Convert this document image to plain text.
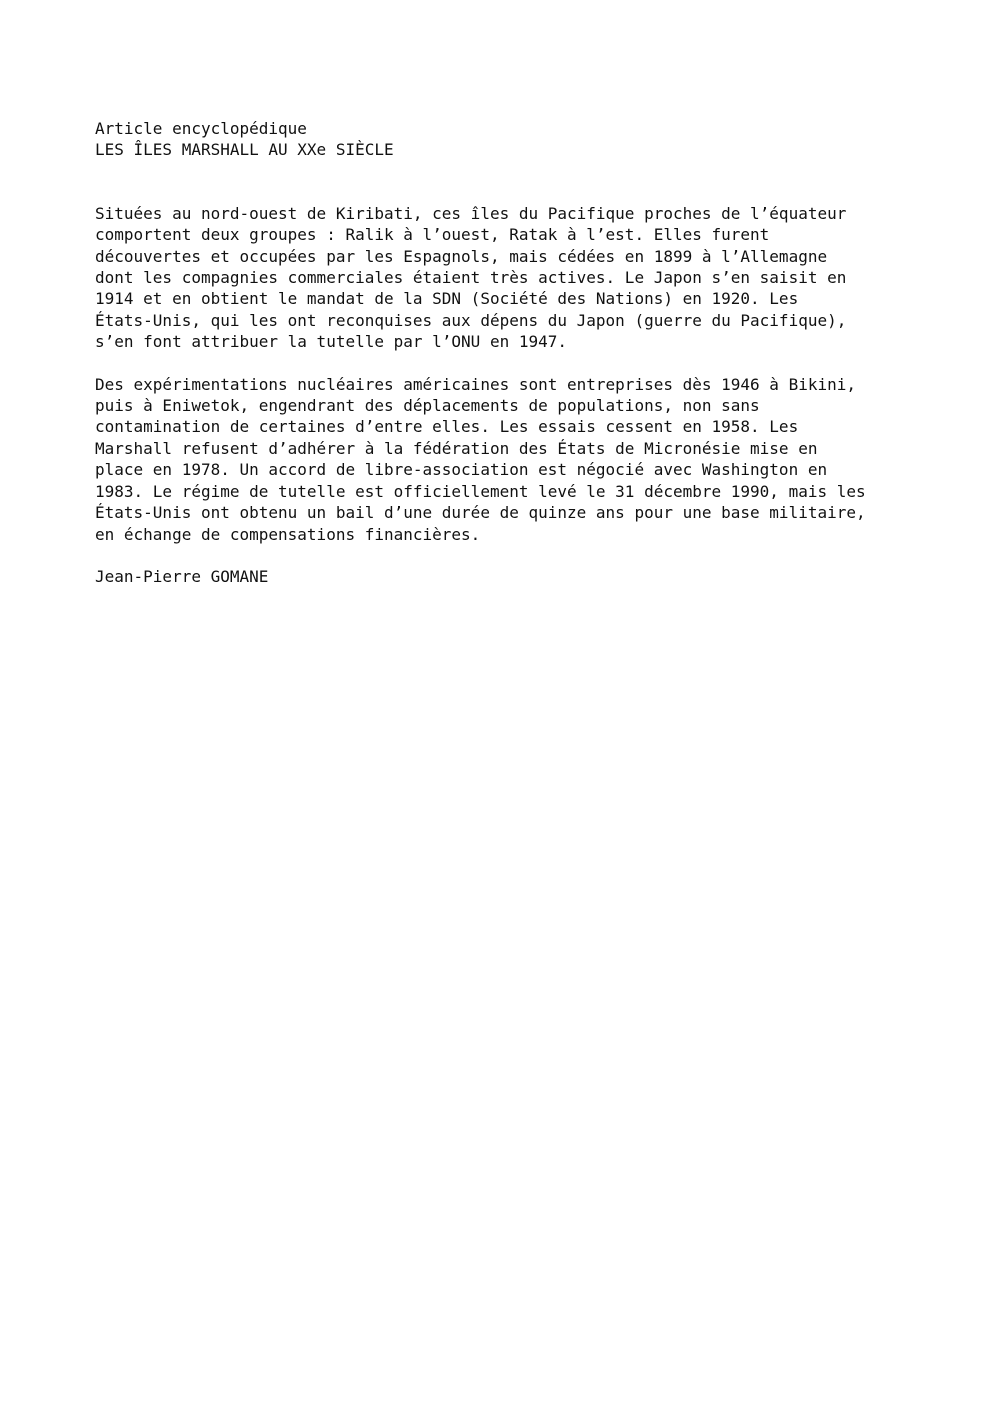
Article encyclopédique
LES ÎLES MARSHALL AU XXe SIÈCLE
Situées au nord-ouest de Kiribati, ces îles du Pacifique proches de l’équateur
comportent deux groupes : Ralik à l’ouest, Ratak à l’est. Elles furent
découvertes et occupées par les Espagnols, mais cédées en 1899 à l’Allemagne
dont les compagnies commerciales étaient très actives. Le Japon s’en saisit en
1914 et en obtient le mandat de la SDN (Société des Nations) en 1920. Les
États-Unis, qui les ont reconquises aux dépens du Japon (guerre du Pacifique),
s’en font attribuer la tutelle par l’ONU en 1947.
Des expérimentations nucléaires américaines sont entreprises dès 1946 à Bikini,
puis à Eniwetok, engendrant des déplacements de populations, non sans
contamination de certaines d’entre elles. Les essais cessent en 1958. Les
Marshall refusent d’adhérer à la fédération des États de Micronésie mise en
place en 1978. Un accord de libre-association est négocié avec Washington en
1983. Le régime de tutelle est officiellement levé le 31 décembre 1990, mais les
États-Unis ont obtenu un bail d’une durée de quinze ans pour une base militaire,
en échange de compensations financières.
Jean-Pierre GOMANE
